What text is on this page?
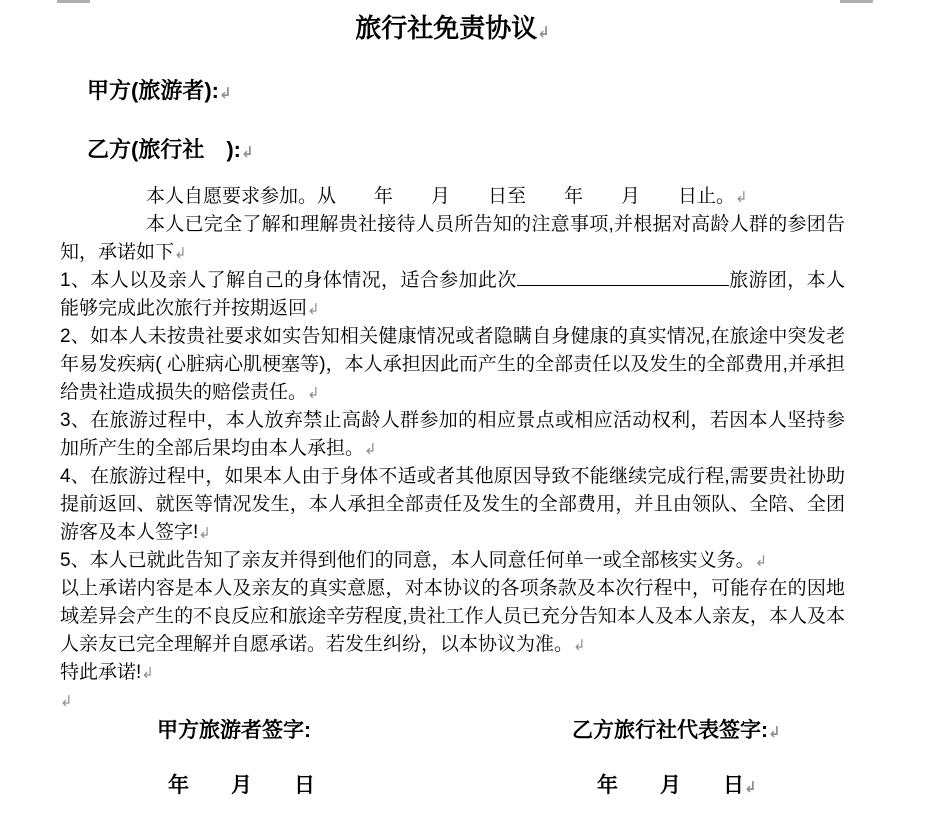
旅行社免责协议↲
甲方(旅游者):↲
乙方(旅行社　):↲

本人自愿要求参加。从　　年　　月　　日至　　年　　月　　日止。↲

本人已完全了解和理解贵社接待人员所告知的注意事项,并根据对高龄人群的参团告知，承诺如下↲

1、本人以及亲人了解自己的身体情况，适合参加此次	旅游团，本人能够完成此次旅行并按期返回↲

2、如本人未按贵社要求如实告知相关健康情况或者隐瞒自身健康的真实情况,在旅途中突发老年易发疾病( 心脏病心肌梗塞等)，本人承担因此而产生的全部责任以及发生的全部费用,并承担给贵社造成损失的赔偿责任。↲

3、在旅游过程中，本人放弃禁止高龄人群参加的相应景点或相应活动权利，若因本人坚持参加所产生的全部后果均由本人承担。↲

4、在旅游过程中，如果本人由于身体不适或者其他原因导致不能继续完成行程,需要贵社协助提前返回、就医等情况发生，本人承担全部责任及发生的全部费用，并且由领队、全陪、全团游客及本人签字!↲

5、本人已就此告知了亲友并得到他们的同意，本人同意任何单一或全部核实义务。↲

以上承诺内容是本人及亲友的真实意愿，对本协议的各项条款及本次行程中，可能存在的因地域差异会产生的不良反应和旅途辛劳程度,贵社工作人员已充分告知本人及本人亲友，本人及本人亲友已完全理解并自愿承诺。若发生纠纷，以本协议为准。↲

特此承诺!↲

↲

甲方旅游者签字:	乙方旅行社代表签字:↲
年　　月　　日	年　　月　　日↲
